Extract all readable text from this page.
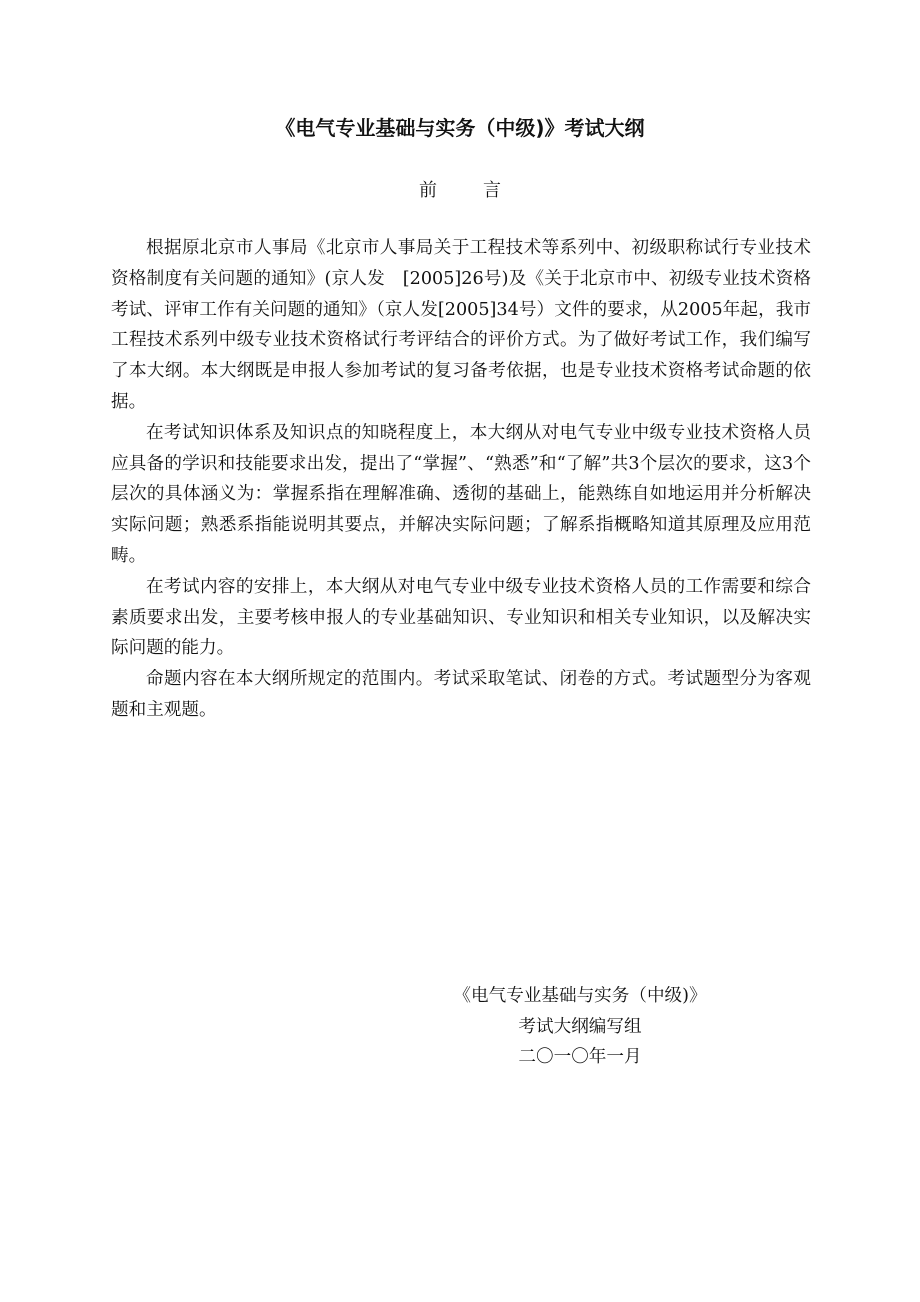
《电气专业基础与实务（中级)》考试大纲
前	言

根据原北京市人事局《北京市人事局关于工程技术等系列中、初级职称试行专业技术资格制度有关问题的通知》(京人发　[2005]26号)及《关于北京市中、初级专业技术资格考试、评审工作有关问题的通知》（京人发[2005]34号）文件的要求，从2005年起，我市工程技术系列中级专业技术资格试行考评结合的评价方式。为了做好考试工作，我们编写了本大纲。本大纲既是申报人参加考试的复习备考依据，也是专业技术资格考试命题的依据。

在考试知识体系及知识点的知晓程度上，本大纲从对电气专业中级专业技术资格人员应具备的学识和技能要求出发，提出了“掌握”、“熟悉”和“了解”共3个层次的要求，这3个层次的具体涵义为：掌握系指在理解准确、透彻的基础上，能熟练自如地运用并分析解决实际问题；熟悉系指能说明其要点，并解决实际问题；了解系指概略知道其原理及应用范畴。

在考试内容的安排上，本大纲从对电气专业中级专业技术资格人员的工作需要和综合素质要求出发，主要考核申报人的专业基础知识、专业知识和相关专业知识，以及解决实际问题的能力。

命题内容在本大纲所规定的范围内。考试采取笔试、闭卷的方式。考试题型分为客观题和主观题。

《电气专业基础与实务（中级)》
考试大纲编写组
二〇一〇年一月
